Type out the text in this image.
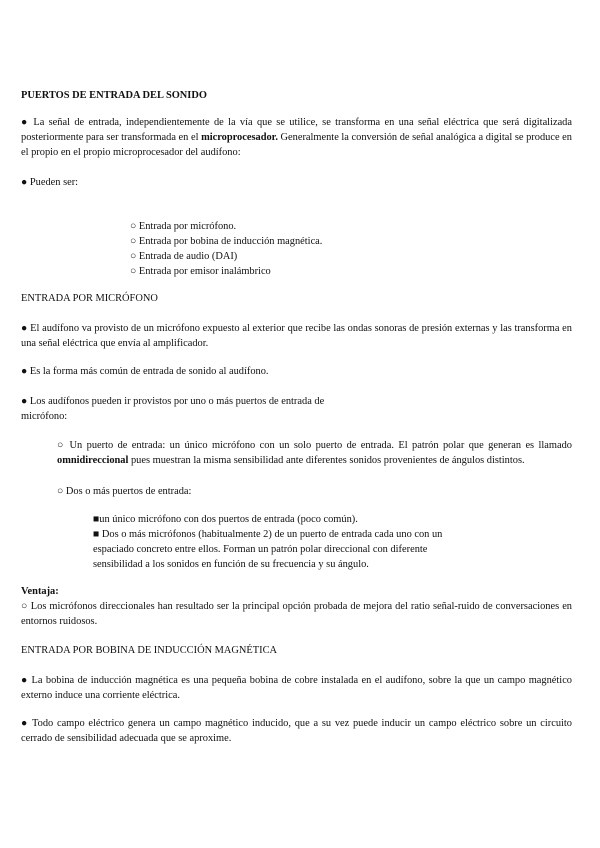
PUERTOS DE ENTRADA DEL SONIDO

● La señal de entrada, independientemente de la vía que se utilice, se transforma en una señal eléctrica que será digitalizada posteriormente para ser transformada en el microprocesador. Generalmente la conversión de señal analógica a digital se produce en el propio en el propio microprocesador del audífono:

● Pueden ser:

○ Entrada por micrófono.
○ Entrada por bobina de inducción magnética.
○ Entrada de audio (DAI)
○ Entrada por emisor inalámbrico

ENTRADA POR MICRÓFONO

● El audífono va provisto de un micrófono expuesto al exterior que recibe las ondas sonoras de presión externas y las transforma en una señal eléctrica que envía al amplificador.

● Es la forma más común de entrada de sonido al audífono.

● Los audífonos pueden ir provistos por uno o más puertos de entrada de
micrófono:

○ Un puerto de entrada: un único micrófono con un solo puerto de entrada. El patrón polar que generan es llamado omnidireccional pues muestran la misma sensibilidad ante diferentes sonidos provenientes de ángulos distintos.

○ Dos o más puertos de entrada:

■un único micrófono con dos puertos de entrada (poco común).
■ Dos o más micrófonos (habitualmente 2) de un puerto de entrada cada uno con un
espaciado concreto entre ellos. Forman un patrón polar direccional con diferente
sensibilidad a los sonidos en función de su frecuencia y su ángulo.

Ventaja:

○ Los micrófonos direccionales han resultado ser la principal opción probada de mejora del ratio señal-ruido de conversaciones en entornos ruidosos.

ENTRADA POR BOBINA DE INDUCCIÓN MAGNÉTICA

● La bobina de inducción magnética es una pequeña bobina de cobre instalada en el audífono, sobre la que un campo magnético externo induce una corriente eléctrica.

● Todo campo eléctrico genera un campo magnético inducido, que a su vez puede inducir un campo eléctrico sobre un circuito cerrado de sensibilidad adecuada que se aproxime.
